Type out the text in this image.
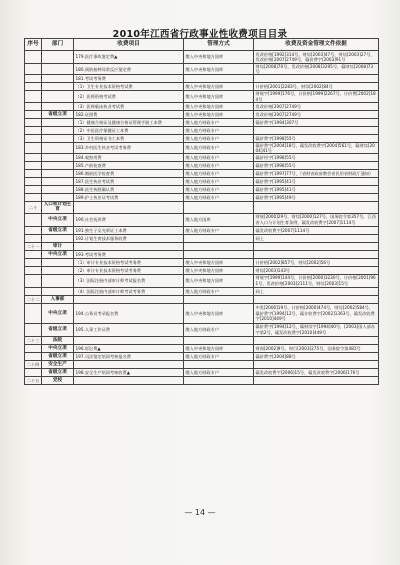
2010年江西省行政事业性收费项目目录
序号	部门	收费项目	管理方式	收费及资金管理文件依据
		179.医疗事故鉴定费▲	缴入中央和地方国库	发改价格[1992]314号，财综[2003]47号，财综[2003]27号，发改价格[2007]2749号，赣价费字[2003]91号
		180.预防接种异常反应鉴定费	缴入中央和地方国库	财综[2008]70号，发改价格[2008]3295号，赣财综[2008]73号
		181.考试考务费		
		（1）卫生专业技术资格考试费	缴入中央和地方国库	计价格[2001]2283号，财综[2002]84号
		（2）医师资格考试费	缴入中央和地方国库	财规字[1999]176号，计价格[1999]2267号，计价费[2002]184号
		（3）医师临床执业考试费	缴入中央和地方国库	发改价格[2007]2749号
	省级立项	182.证照费	缴入中央和地方国库	发改价格[2007]2749号
		（1）健康合格证及健康合格证管理手册工本费	缴入地方财政专户	赣价费字[1994]307号
		（2）中医医疗保健证工本费	缴入地方财政专户	
		（3）卫生资格证书工本费	缴入地方财政专户	赣价费字[1998]55号
		183.乡村医生执业考试考务费	缴入地方财政专户	赣价费字[2004]18号，赣发改收费字[2004]561号，赣财综[2004]41号
		184.观察用费	缴入地方财政专户	赣价经字[1998]55号
		185.产前检查费	缴入地方财政专户	赣价费字[1998]55号
		186.婚前医学检查费	缴入地方财政专户	赣价费字[1997]77号，《省财省政府教会省民用省财政厅通知》
		187.医生执业考试费	缴入地方财政专户	赣价费字[1995]41号
		188.医生执照确认费	缴入地方财政专户	赣价费字[1995]41号
		189.护士执业证考试费	缴入地方财政专户	赣价费字[1995]49号
二十	人口和计划生育			
	中央立项	190.社会抚养费	缴入地方国库	财规[2000]29号，财综[2000]127号，国务院令第357号，江西省人口与计划生育条例，赣发改收费字[2007]1114号
	省级立项	191.独生子女光荣证工本费	缴入地方财政专户	赣发改收费字[2007]1114号
		192.计划生育技术服务收费		同上
二十一	审计			
	中央立项	193.考试考务费		
		（1）审计专业技术资格考试考务费	缴入中央和地方国库	计价格[2002]857号，财综[2002]56号
		（2）审计专业技术资格考试考务费	缴入中央和地方国库	财综[2003]143号
		（3）国际注册内部审计师考试报名费	缴入中央和地方国库	财规字[1999]144号，计价格[2000]3230号，计价格[2001]961号，发改价格[2003]2111号，财综[2003]15号
		（4）国际注册内部审计师考试考务费	缴入地方财政专户	同上
二十二	人事部			
	中央立项	194.公务员考录报名费	缴入中央和地方国库	中发[2000]19号，计价格[2000]474号，财综[2002]584号，赣价费字[1994]12号，赣计收费字[2002]1363号，赣发改收费字[2010]449号
	省级立项	195.人事工作证费	缴入地方财政专户	赣价费字[1994]12号，赣财综字[1994]40号，[2003]国人部办字第2号，赣发改收费字[2010]449号
二十三	法院			
	中央立项	196.诉讼费▲	缴入中央和地方国库	财预[2002]9号，财行[2003]275号，国务院令第481号
	省级立项	197.司法鉴定培训考核报名费	缴入地方财政专户	赣价费字[2004]88号
二十四	安全生产			
	省级立项	198.安全生产培训考核收费▲	缴入地方财政专户	赣发改收费字[2006]15号，赣发改收费字[2006]176号
二十五	党校			
— 14 —
